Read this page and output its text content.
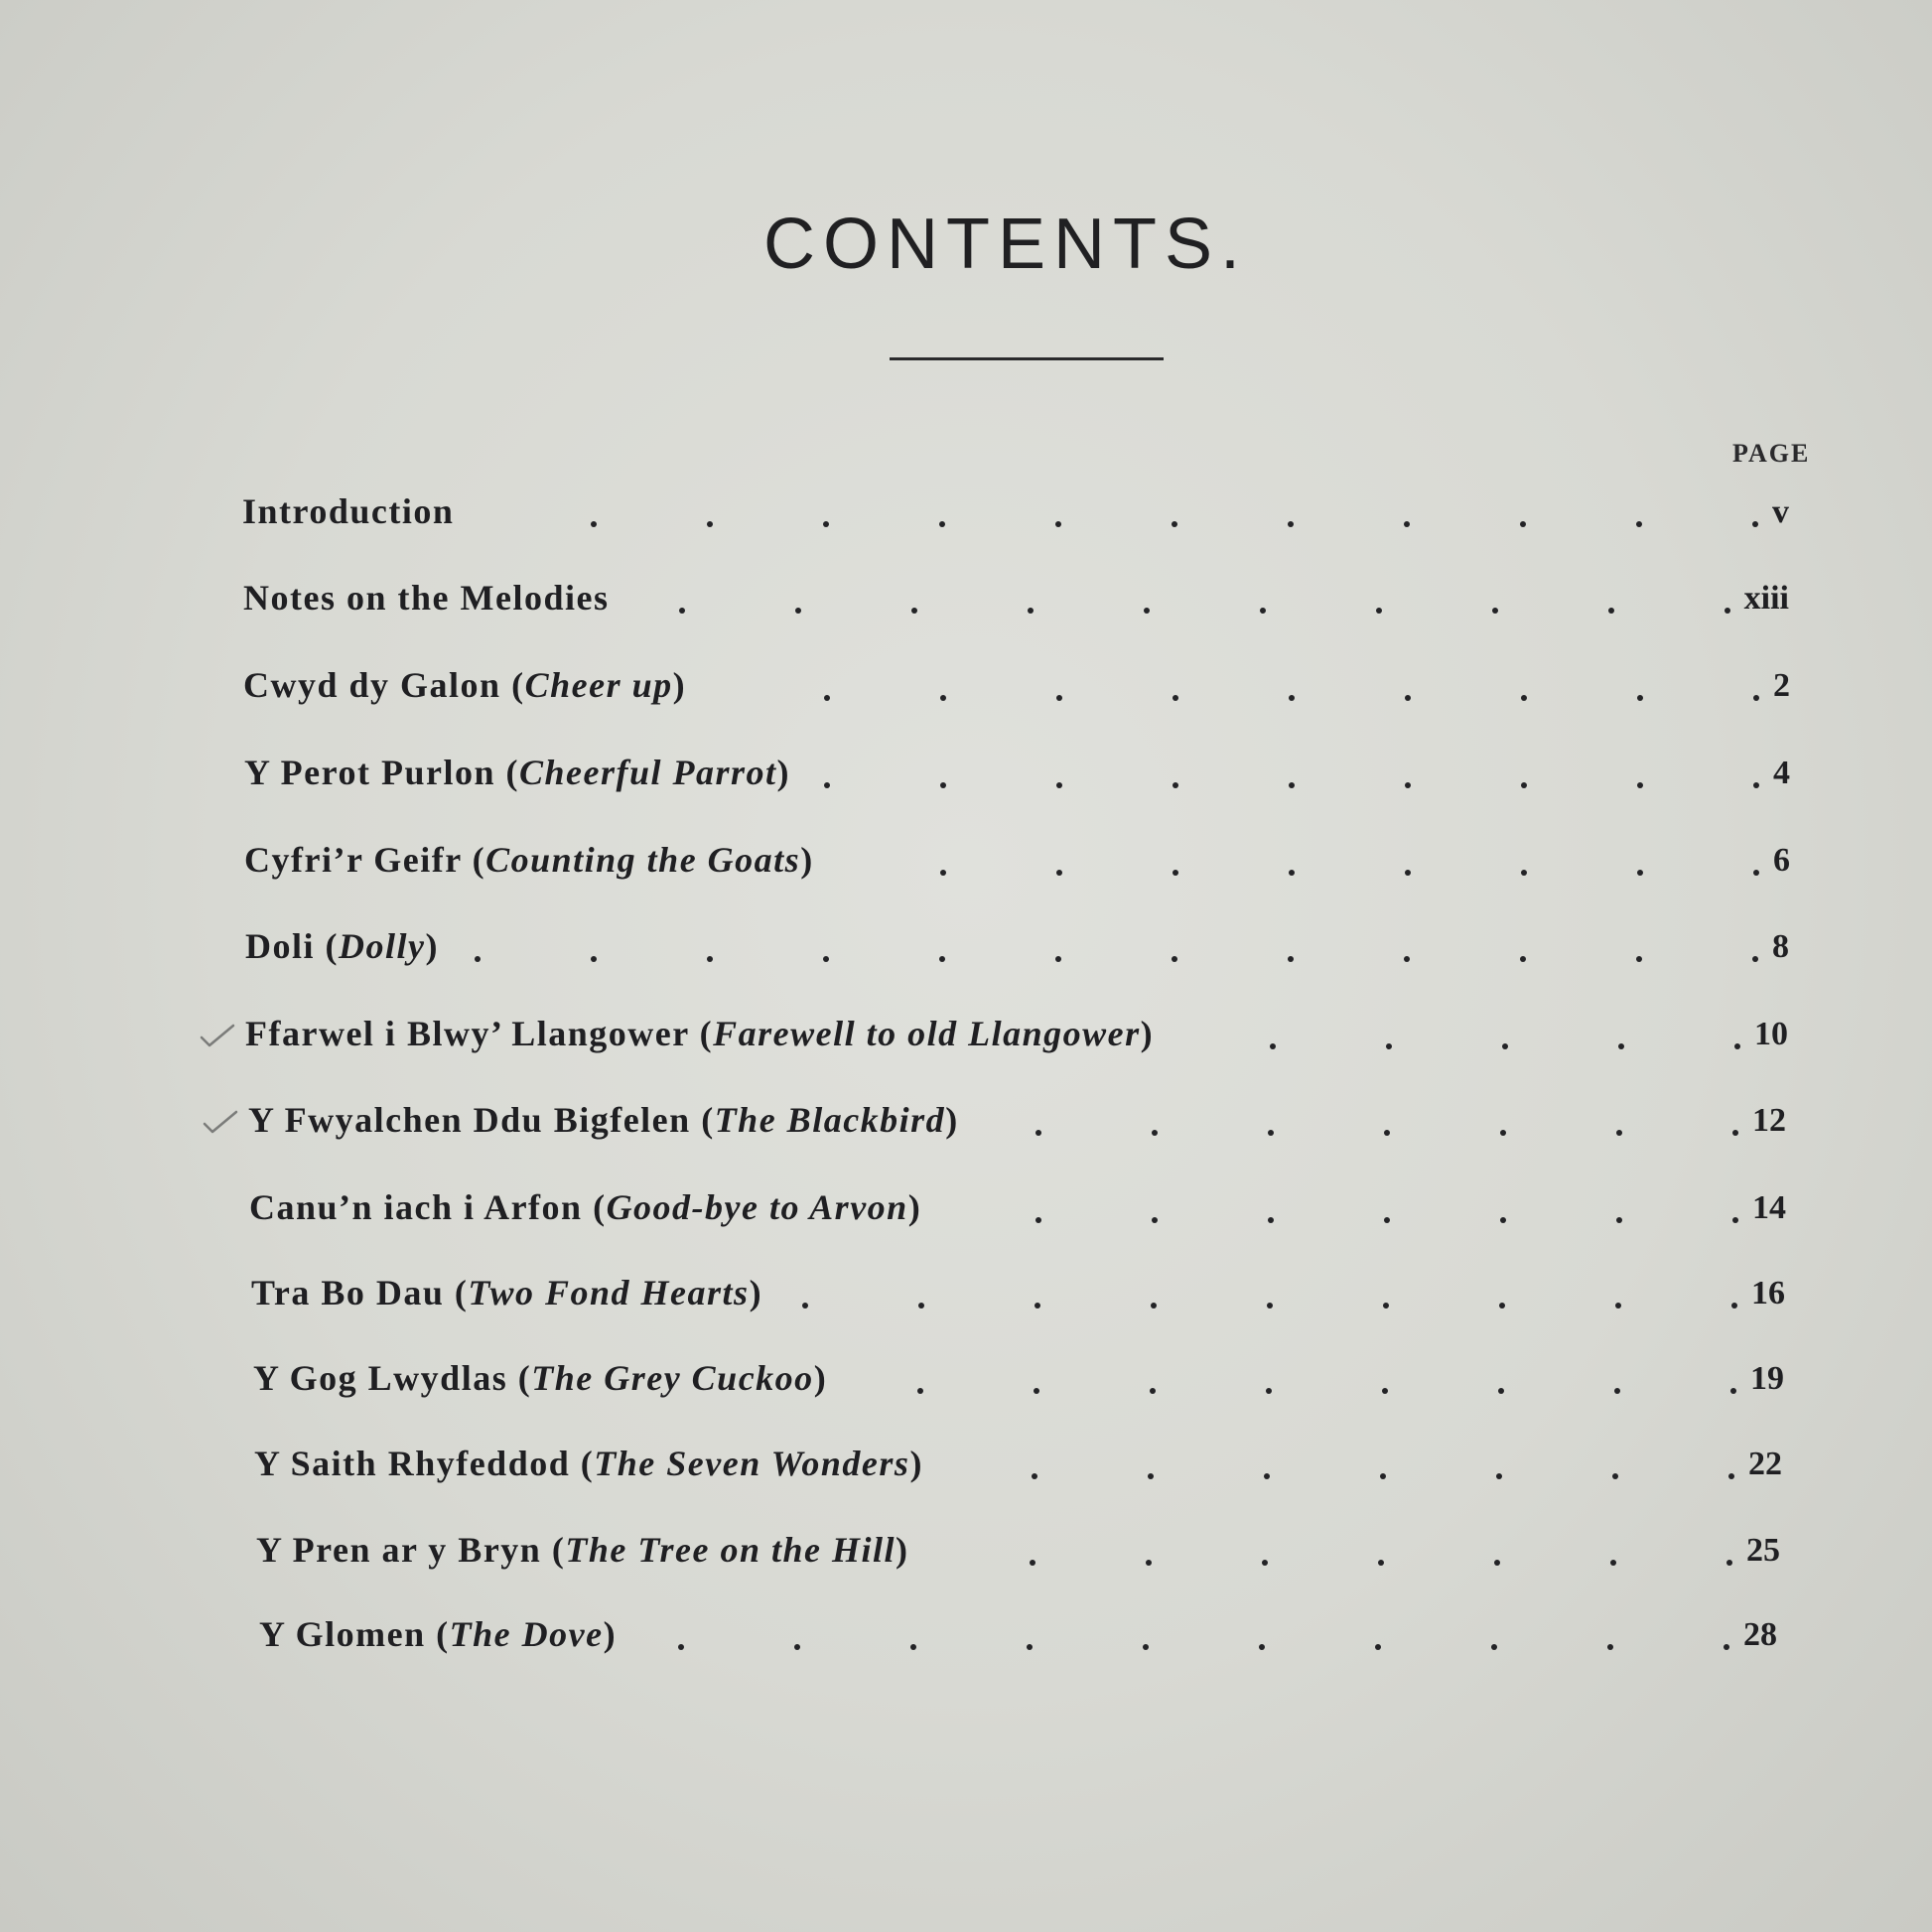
CONTENTS.
PAGE
Introduction	v
Notes on the Melodies	xiii
Cwyd dy Galon (Cheer up)	2
Y Perot Purlon (Cheerful Parrot)	4
Cyfri’r Geifr (Counting the Goats)	6
Doli (Dolly)	8
Ffarwel i Blwy’ Llangower (Farewell to old Llangower)	10
Y Fwyalchen Ddu Bigfelen (The Blackbird)	12
Canu’n iach i Arfon (Good-bye to Arvon)	14
Tra Bo Dau (Two Fond Hearts)	16
Y Gog Lwydlas (The Grey Cuckoo)	19
Y Saith Rhyfeddod (The Seven Wonders)	22
Y Pren ar y Bryn (The Tree on the Hill)	25
Y Glomen (The Dove)	28
